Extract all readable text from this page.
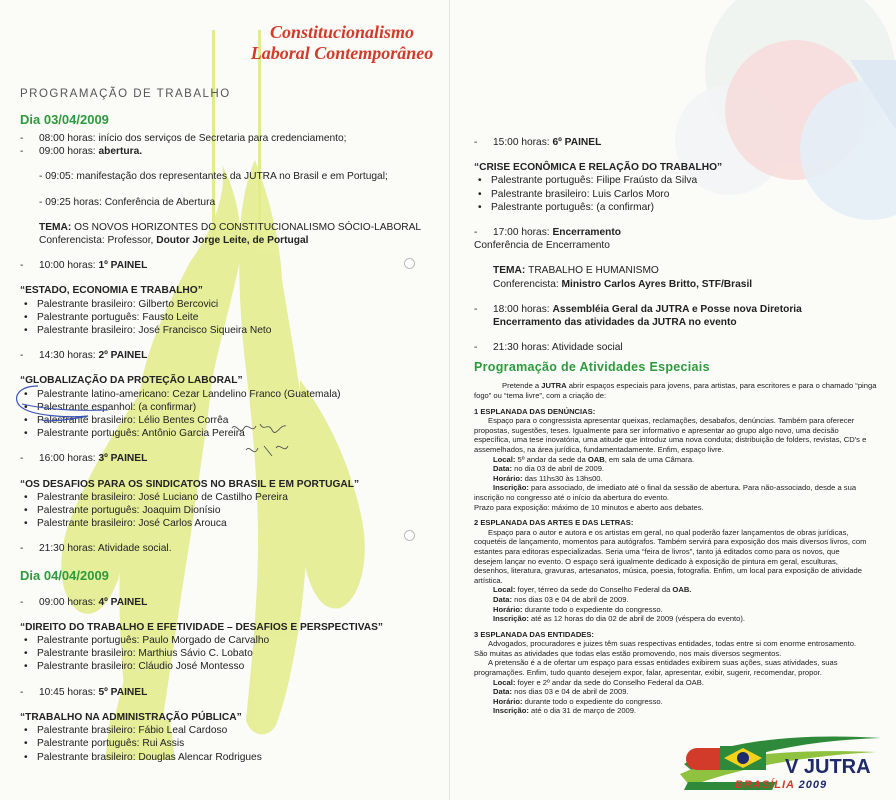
Constitucionalismo
Laboral Contemporâneo
PROGRAMAÇÃO DE TRABALHO
Dia 03/04/2009
- 08:00 horas: início dos serviços de Secretaria para credenciamento;
- 09:00 horas: abertura.
- 09:05: manifestação dos representantes da JUTRA no Brasil e em Portugal;
- 09:25 horas: Conferência de Abertura
TEMA: OS NOVOS HORIZONTES DO CONSTITUCIONALISMO SÓCIO-LABORAL
Conferencista: Professor, Doutor Jorge Leite, de Portugal
- 10:00 horas: 1º PAINEL
“ESTADO, ECONOMIA E TRABALHO”
• Palestrante brasileiro: Gilberto Bercovici
• Palestrante português: Fausto Leite
• Palestrante brasileiro: José Francisco Siqueira Neto
- 14:30 horas: 2º PAINEL
“GLOBALIZAÇÃO DA PROTEÇÃO LABORAL”
• Palestrante latino-americano: Cezar Landelino Franco (Guatemala)
• Palestrante espanhol: (a confirmar)
• Palestrante brasileiro: Lélio Bentes Corrêa
• Palestrante português: Antônio Garcia Pereira
- 16:00 horas: 3º PAINEL
“OS DESAFIOS PARA OS SINDICATOS NO BRASIL E EM PORTUGAL”
• Palestrante brasileiro: José Luciano de Castilho Pereira
• Palestrante português: Joaquim Dionísio
• Palestrante brasileiro: José Carlos Arouca
- 21:30 horas: Atividade social.
Dia 04/04/2009
- 09:00 horas: 4º PAINEL
“DIREITO DO TRABALHO E EFETIVIDADE – DESAFIOS E PERSPECTIVAS”
• Palestrante português: Paulo Morgado de Carvalho
• Palestrante brasileiro: Marthius Sávio C. Lobato
• Palestrante brasileiro: Cláudio José Montesso
- 10:45 horas: 5º PAINEL
“TRABALHO NA ADMINISTRAÇÃO PÚBLICA”
• Palestrante brasileiro: Fábio Leal Cardoso
• Palestrante português: Rui Assis
• Palestrante brasileiro: Douglas Alencar Rodrigues
- 15:00 horas: 6º PAINEL
“CRISE ECONÔMICA E RELAÇÃO DO TRABALHO”
• Palestrante português: Filipe Fraústo da Silva
• Palestrante brasileiro: Luis Carlos Moro
• Palestrante português: (a confirmar)
- 17:00 horas: Encerramento
Conferência de Encerramento
TEMA: TRABALHO E HUMANISMO
Conferencista: Ministro Carlos Ayres Britto, STF/Brasil
- 18:00 horas: Assembléia Geral da JUTRA e Posse nova Diretoria
Encerramento das atividades da JUTRA no evento
- 21:30 horas: Atividade social
Programação de Atividades Especiais
Pretende a JUTRA abrir espaços especiais para jovens, para artistas, para escritores e para o chamado “pinga
fogo” ou “tema livre”, com a criação de:
1 ESPLANADA DAS DENÚNCIAS:
Espaço para o congressista apresentar queixas, reclamações, desabafos, denúncias. Também para oferecer
propostas, sugestões, teses. Igualmente para ser informativo e apresentar ao grupo algo novo, uma decisão
específica, uma tese inovatória, uma atitude que introduz uma nova conduta; distribuição de folders, revistas, CD's e
assemelhados, na área jurídica, fundamentadamente. Enfim, espaço livre.
Local: 5º andar da sede da OAB, em sala de uma Câmara.
Data: no dia 03 de abril de 2009.
Horário: das 11hs30 às 13hs00.
Inscrição: para associado, de imediato até o final da sessão de abertura. Para não-associado, desde a sua
inscrição no congresso até o início da abertura do evento.
Prazo para exposição: máximo de 10 minutos e aberto aos debates.
2 ESPLANADA DAS ARTES E DAS LETRAS:
Espaço para o autor e autora e os artistas em geral, no qual poderão fazer lançamentos de obras jurídicas,
coquetéis de lançamento, momentos para autógrafos. Também servirá para exposição dos mais diversos livros, com
estantes para editoras especializadas. Seria uma “feira de livros”, tanto já editados como para os novos, que
desejem lançar no evento. O espaço será igualmente dedicado à exposição de pintura em geral, esculturas,
desenhos, literatura, gravuras, artesanatos, música, poesia, fotografia. Enfim, um local para exposição de atividade
artística.
Local: foyer, térreo da sede do Conselho Federal da OAB.
Data: nos dias 03 e 04 de abril de 2009.
Horário: durante todo o expediente do congresso.
Inscrição: até as 12 horas do dia 02 de abril de 2009 (véspera do evento).
3 ESPLANADA DAS ENTIDADES:
Advogados, procuradores e juizes têm suas respectivas entidades, todas entre si com enorme entrosamento.
São muitas as atividades que todas elas estão promovendo, nos mais diversos segmentos.
A pretensão é a de ofertar um espaço para essas entidades exibirem suas ações, suas atividades, suas
programações. Enfim, tudo quanto desejem expor, falar, apresentar, exibir, sugerir, recomendar, propor.
Local: foyer e 2º andar da sede do Conselho Federal da OAB.
Data: nos dias 03 e 04 de abril de 2009.
Horário: durante todo o expediente do congresso.
Inscrição: até o dia 31 de março de 2009.
V JUTRA
BRASÍLIA 2009
